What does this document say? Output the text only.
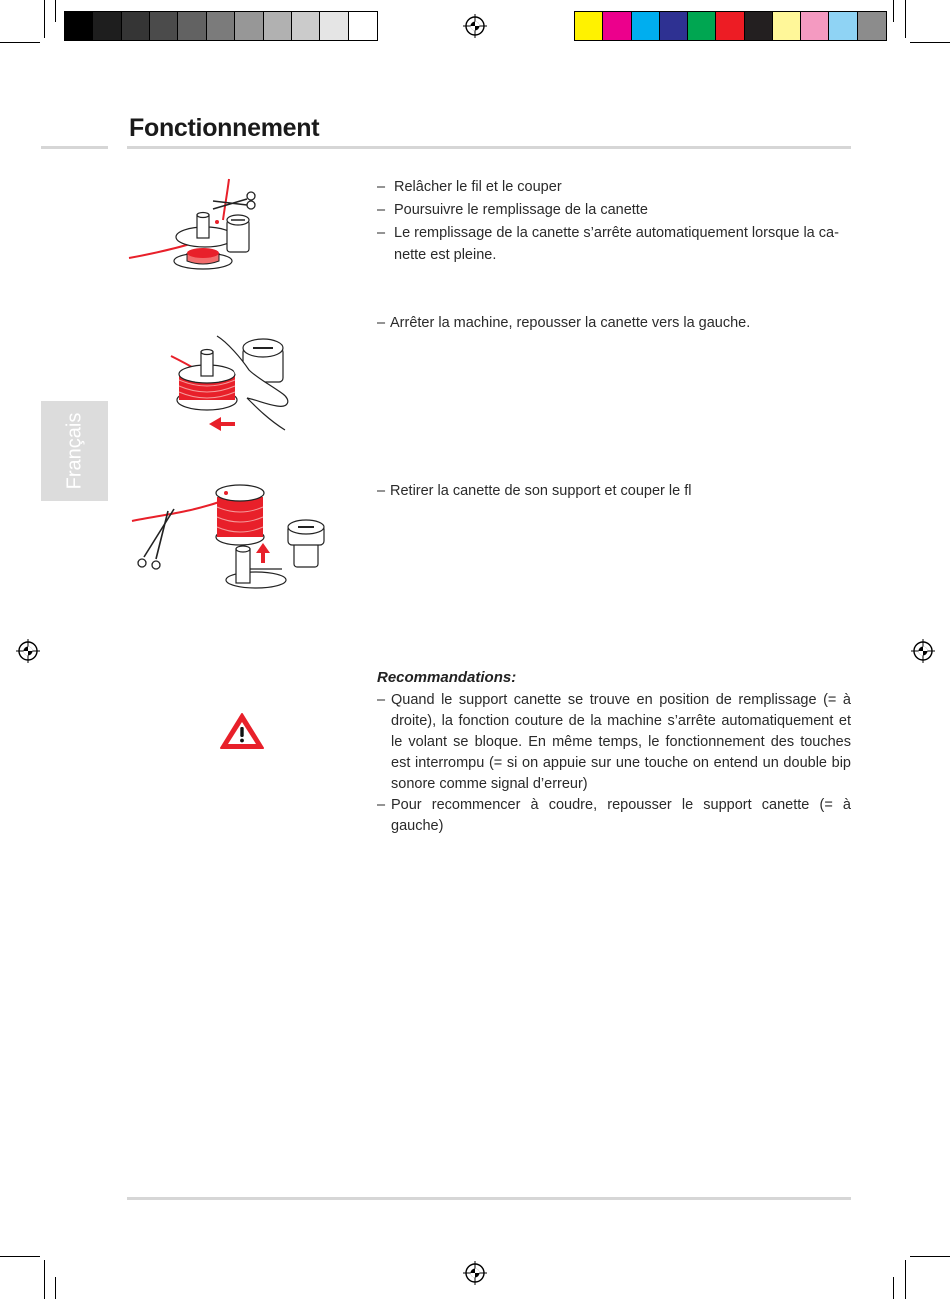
Fonctionnement
Français
– Relâcher le fil et le couper
– Poursuivre le remplissage de la canette
– Le remplissage de la canette s’arrête automatiquement lorsque la ca-
nette est pleine.
– Arrêter la machine, repousser la canette vers la gauche.
– Retirer la canette de son support et couper le fl
Recommandations:
– Quand le support canette se trouve en position de remplissage (= à droite), la fonction couture de la machine s’arrête automatiquement et le volant se bloque. En même temps, le fonctionnement des touches est interrompu (= si on appuie sur une touche on entend un double bip sonore comme signal d’erreur)
– Pour recommencer à coudre, repousser le support canette (= à gauche)
